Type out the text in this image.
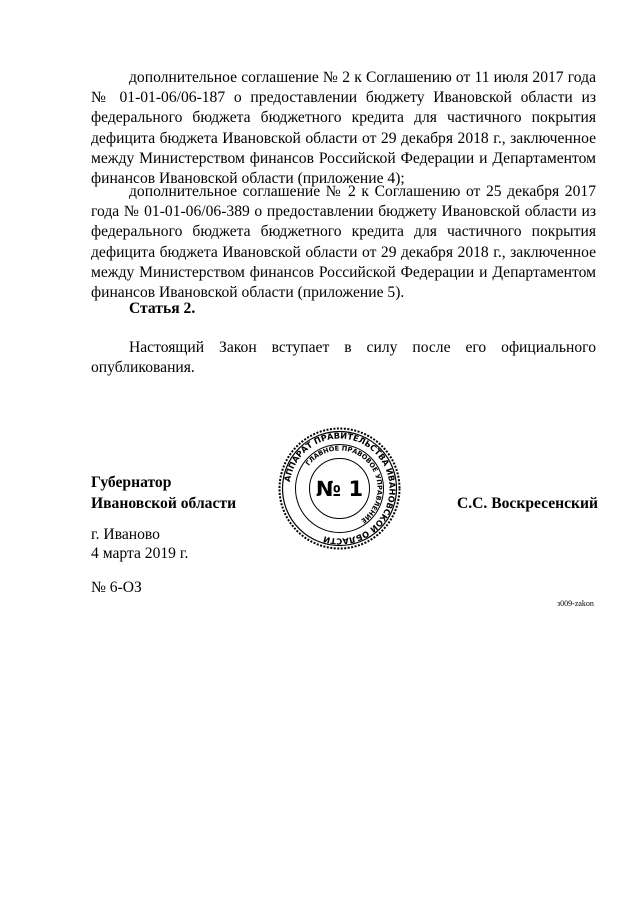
дополнительное соглашение № 2 к Соглашению от 11 июля 2017 года № 01-01-06/06-187 о предоставлении бюджету Ивановской области из федерального бюджета бюджетного кредита для частичного покрытия дефицита бюджета Ивановской области от 29 декабря 2018 г., заключенное между Министерством финансов Российской Федерации и Департаментом финансов Ивановской области (приложение 4);
дополнительное соглашение № 2 к Соглашению от 25 декабря 2017 года № 01-01-06/06-389 о предоставлении бюджету Ивановской области из федерального бюджета бюджетного кредита для частичного покрытия дефицита бюджета Ивановской области от 29 декабря 2018 г., заключенное между Министерством финансов Российской Федерации и Департаментом финансов Ивановской области (приложение 5).
Статья 2.
Настоящий Закон вступает в силу после его официального опубликования.
Губернатор
Ивановской области	С.С. Воскресенский
АППАРАТ ПРАВИТЕЛЬСТВА ИВАНОВСКОЙ ОБЛАСТИ
ГЛАВНОЕ ПРАВОВОЕ УПРАВЛЕНИЕ
№ 1
г. Иваново
4 марта 2019 г.
№ 6-ОЗ
з009-zakon
